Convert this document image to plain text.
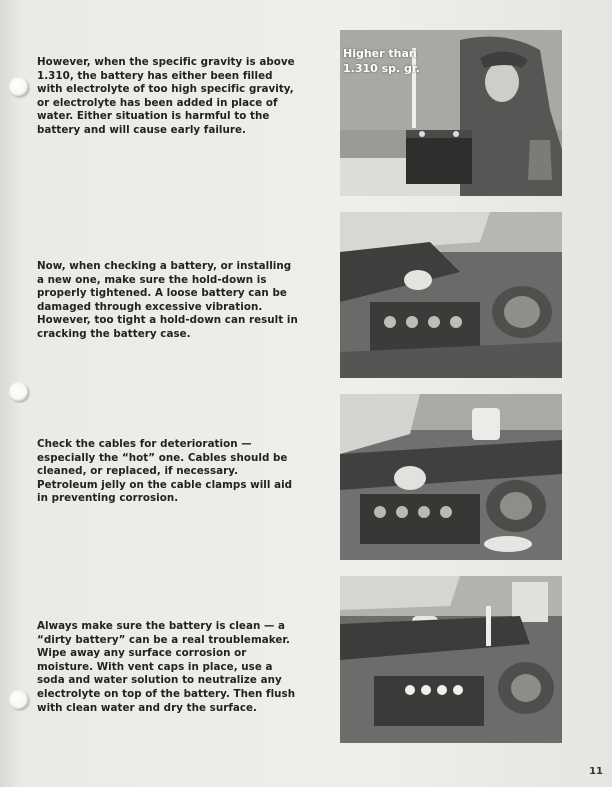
However, when the specific gravity is above 1.310, the battery has either been filled with electrolyte of too high specific gravity, or electrolyte has been added in place of water. Either situation is harmful to the battery and will cause early failure.

Higher than
1.310 sp. gr.

Now, when checking a battery, or installing a new one, make sure the hold-down is properly tightened. A loose battery can be damaged through excessive vibration. However, too tight a hold-down can result in cracking the battery case.

Check the cables for deterioration — especially the “hot” one. Cables should be cleaned, or replaced, if necessary. Petroleum jelly on the cable clamps will aid in preventing corrosion.

Always make sure the battery is clean — a “dirty battery” can be a real troublemaker. Wipe away any surface corrosion or moisture. With vent caps in place, use a soda and water solution to neutralize any electrolyte on top of the battery. Then flush with clean water and dry the surface.

11
